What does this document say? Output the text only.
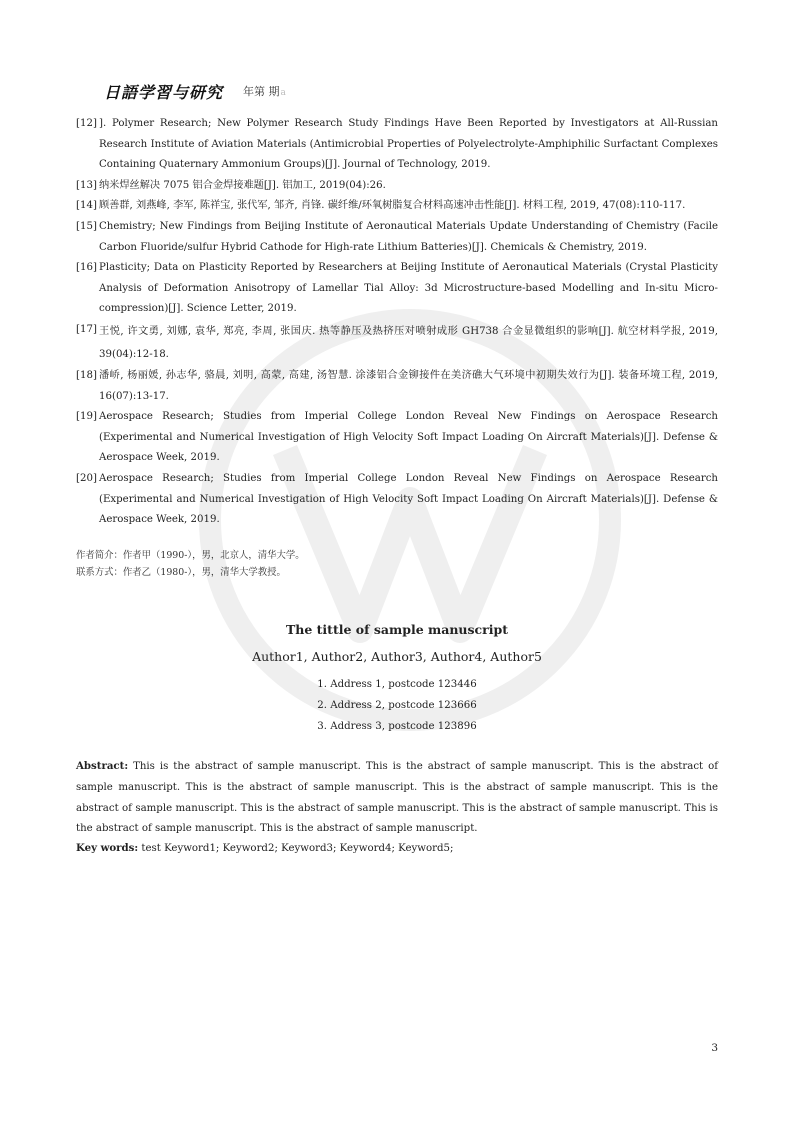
日語学習与研究 年第 期a
[12] ]. Polymer Research; New Polymer Research Study Findings Have Been Reported by Investigators at All-Russian Research Institute of Aviation Materials (Antimicrobial Properties of Polyelectrolyte-Amphiphilic Surfactant Complexes Containing Quaternary Ammonium Groups)[J]. Journal of Technology, 2019.
[13] 纳米焊丝解决 7075 铝合金焊接难题[J]. 铝加工, 2019(04):26.
[14] 顾善群, 刘燕峰, 李军, 陈祥宝, 张代军, 邹齐, 肖锋. 碳纤维/环氧树脂复合材料高速冲击性能[J]. 材料工程, 2019, 47(08):110-117.
[15] Chemistry; New Findings from Beijing Institute of Aeronautical Materials Update Understanding of Chemistry (Facile Carbon Fluoride/sulfur Hybrid Cathode for High-rate Lithium Batteries)[J]. Chemicals & Chemistry, 2019.
[16] Plasticity; Data on Plasticity Reported by Researchers at Beijing Institute of Aeronautical Materials (Crystal Plasticity Analysis of Deformation Anisotropy of Lamellar Tial Alloy: 3d Microstructure-based Modelling and In-situ Micro-compression)[J]. Science Letter, 2019.
[17] 王悦, 许文勇, 刘娜, 袁华, 郑亮, 李周, 张国庆. 热等静压及热挤压对喷射成形 GH738 合金显微组织的影响[J]. 航空材料学报, 2019, 39(04):12-18.
[18] 潘峤, 杨丽媛, 孙志华, 骆晨, 刘明, 高蒙, 高建, 汤智慧. 涂漆铝合金铆接件在美济礁大气环境中初期失效行为[J]. 装备环境工程, 2019, 16(07):13-17.
[19] Aerospace Research; Studies from Imperial College London Reveal New Findings on Aerospace Research (Experimental and Numerical Investigation of High Velocity Soft Impact Loading On Aircraft Materials)[J]. Defense & Aerospace Week, 2019.
[20] Aerospace Research; Studies from Imperial College London Reveal New Findings on Aerospace Research (Experimental and Numerical Investigation of High Velocity Soft Impact Loading On Aircraft Materials)[J]. Defense & Aerospace Week, 2019.
作者简介：作者甲（1990-），男，北京人，清华大学。
联系方式：作者乙（1980-），男，清华大学教授。
The tittle of sample manuscript
Author1, Author2, Author3, Author4, Author5
1. Address 1, postcode 123446
2. Address 2, postcode 123666
3. Address 3, postcode 123896
Abstract: This is the abstract of sample manuscript. This is the abstract of sample manuscript. This is the abstract of sample manuscript. This is the abstract of sample manuscript. This is the abstract of sample manuscript. This is the abstract of sample manuscript. This is the abstract of sample manuscript. This is the abstract of sample manuscript. This is the abstract of sample manuscript. This is the abstract of sample manuscript.
Key words: test Keyword1; Keyword2; Keyword3; Keyword4; Keyword5;
3
